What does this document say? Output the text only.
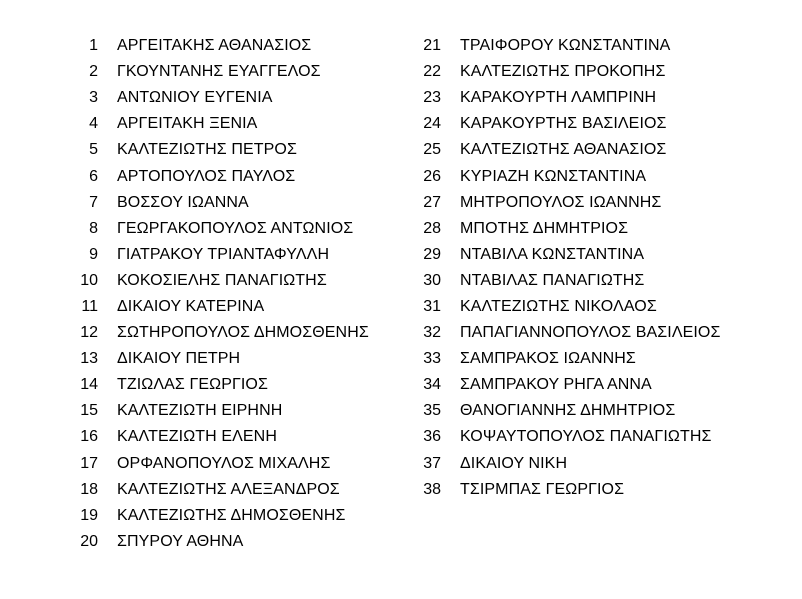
1	ΑΡΓΕΙΤΑΚΗΣ ΑΘΑΝΑΣΙΟΣ
2	ΓΚΟΥΝΤΑΝΗΣ ΕΥΑΓΓΕΛΟΣ
3	ΑΝΤΩΝΙΟΥ ΕΥΓΕΝΙΑ
4	ΑΡΓΕΙΤΑΚΗ ΞΕΝΙΑ
5	ΚΑΛΤΕΖΙΩΤΗΣ ΠΕΤΡΟΣ
6	ΑΡΤΟΠΟΥΛΟΣ ΠΑΥΛΟΣ
7	ΒΟΣΣΟΥ ΙΩΑΝΝΑ
8	ΓΕΩΡΓΑΚΟΠΟΥΛΟΣ ΑΝΤΩΝΙΟΣ
9	ΓΙΑΤΡΑΚΟΥ ΤΡΙΑΝΤΑΦΥΛΛΗ
10	ΚΟΚΟΣΙΕΛΗΣ ΠΑΝΑΓΙΩΤΗΣ
11	ΔΙΚΑΙΟΥ ΚΑΤΕΡΙΝΑ
12	ΣΩΤΗΡΟΠΟΥΛΟΣ ΔΗΜΟΣΘΕΝΗΣ
13	ΔΙΚΑΙΟΥ ΠΕΤΡΗ
14	ΤΖΙΩΛΑΣ ΓΕΩΡΓΙΟΣ
15	ΚΑΛΤΕΖΙΩΤΗ ΕΙΡΗΝΗ
16	ΚΑΛΤΕΖΙΩΤΗ ΕΛΕΝΗ
17	ΟΡΦΑΝΟΠΟΥΛΟΣ ΜΙΧΑΛΗΣ
18	ΚΑΛΤΕΖΙΩΤΗΣ ΑΛΕΞΑΝΔΡΟΣ
19	ΚΑΛΤΕΖΙΩΤΗΣ ΔΗΜΟΣΘΕΝΗΣ
20	ΣΠΥΡΟΥ ΑΘΗΝΑ
21	ΤΡΑΙΦΟΡΟΥ ΚΩΝΣΤΑΝΤΙΝΑ
22	ΚΑΛΤΕΖΙΩΤΗΣ ΠΡΟΚΟΠΗΣ
23	ΚΑΡΑΚΟΥΡΤΗ ΛΑΜΠΡΙΝΗ
24	ΚΑΡΑΚΟΥΡΤΗΣ ΒΑΣΙΛΕΙΟΣ
25	ΚΑΛΤΕΖΙΩΤΗΣ ΑΘΑΝΑΣΙΟΣ
26	ΚΥΡΙΑΖΗ ΚΩΝΣΤΑΝΤΙΝΑ
27	ΜΗΤΡΟΠΟΥΛΟΣ ΙΩΑΝΝΗΣ
28	ΜΠΟΤΗΣ ΔΗΜΗΤΡΙΟΣ
29	ΝΤΑΒΙΛΑ ΚΩΝΣΤΑΝΤΙΝΑ
30	ΝΤΑΒΙΛΑΣ ΠΑΝΑΓΙΩΤΗΣ
31	ΚΑΛΤΕΖΙΩΤΗΣ ΝΙΚΟΛΑΟΣ
32	ΠΑΠΑΓΙΑΝΝΟΠΟΥΛΟΣ ΒΑΣΙΛΕΙΟΣ
33	ΣΑΜΠΡΑΚΟΣ ΙΩΑΝΝΗΣ
34	ΣΑΜΠΡΑΚΟΥ ΡΗΓΑ ΑΝΝΑ
35	ΘΑΝΟΓΙΑΝΝΗΣ ΔΗΜΗΤΡΙΟΣ
36	ΚΟΨΑΥΤΟΠΟΥΛΟΣ ΠΑΝΑΓΙΩΤΗΣ
37	ΔΙΚΑΙΟΥ ΝΙΚΗ
38	ΤΣΙΡΜΠΑΣ ΓΕΩΡΓΙΟΣ
